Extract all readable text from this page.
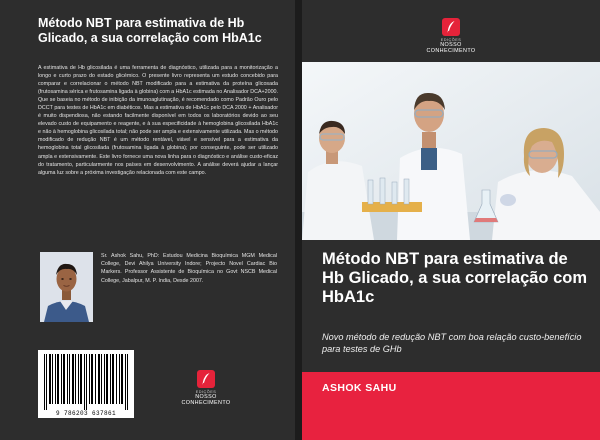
Método NBT para estimativa de Hb Glicado, a sua correlação com HbA1c
A estimativa de Hb glicosilada é uma ferramenta de diagnóstico, utilizada para a monitorização a longo e curto prazo do estado glicémico. O presente livro representa um estudo concebido para comparar e correlacionar o método NBT modificado para a estimativa da proteína glicosada (frutosamina sérica e frutosamina ligada à globina) com a HbA1c estimada no Analisador DCA+2000. Que se baseia no método de inibição da imunoaglutinação, é recomendado como Padrão Ouro pelo DCCT para testes de HbA1c em diabéticos. Mas a estimativa de HbA1c pelo DCA 2000 + Analisador é muito dispendiosa, não estando facilmente disponível em todos os laboratórios devido ao seu elevado custo de equipamento e reagente, e à sua especificidade à hemoglobina glicosilada HbA1c e não à hemoglobina glicosilada total; não pode ser ampla e extensivamente utilizada. Mas o método modificado de redução NBT é um método rentável, viável e sensível para a estimativa da hemoglobina total glicosilada (frutosamina ligada à globina); por conseguinte, pode ser utilizado ampla e extensivamente. Este livro fornece uma nova linha para o diagnóstico e análise custo-eficaz do tratamento, particularmente nos países em desenvolvimento. A análise deverá ajudar a lançar alguma luz sobre a próxima investigação relacionada com este campo.
Sr. Ashok Sahu, PhD: Estudou Medicina Bioquímica MGM Medical College, Devi Ahilya University Indore; Projecto Novel Cardiac Bio Markers. Professor Assistente de Bioquímica no Govt NSCB Medical College, Jabalpur, M. P. India, Desde 2007.
9 786203 637861
EDIÇÕES
NOSSO CONHECIMENTO
EDIÇÕES
NOSSO CONHECIMENTO
Método NBT para estimativa de Hb Glicado, a sua correlação com HbA1c
Novo método de redução NBT com boa relação custo-benefício para testes de GHb
ASHOK SAHU
